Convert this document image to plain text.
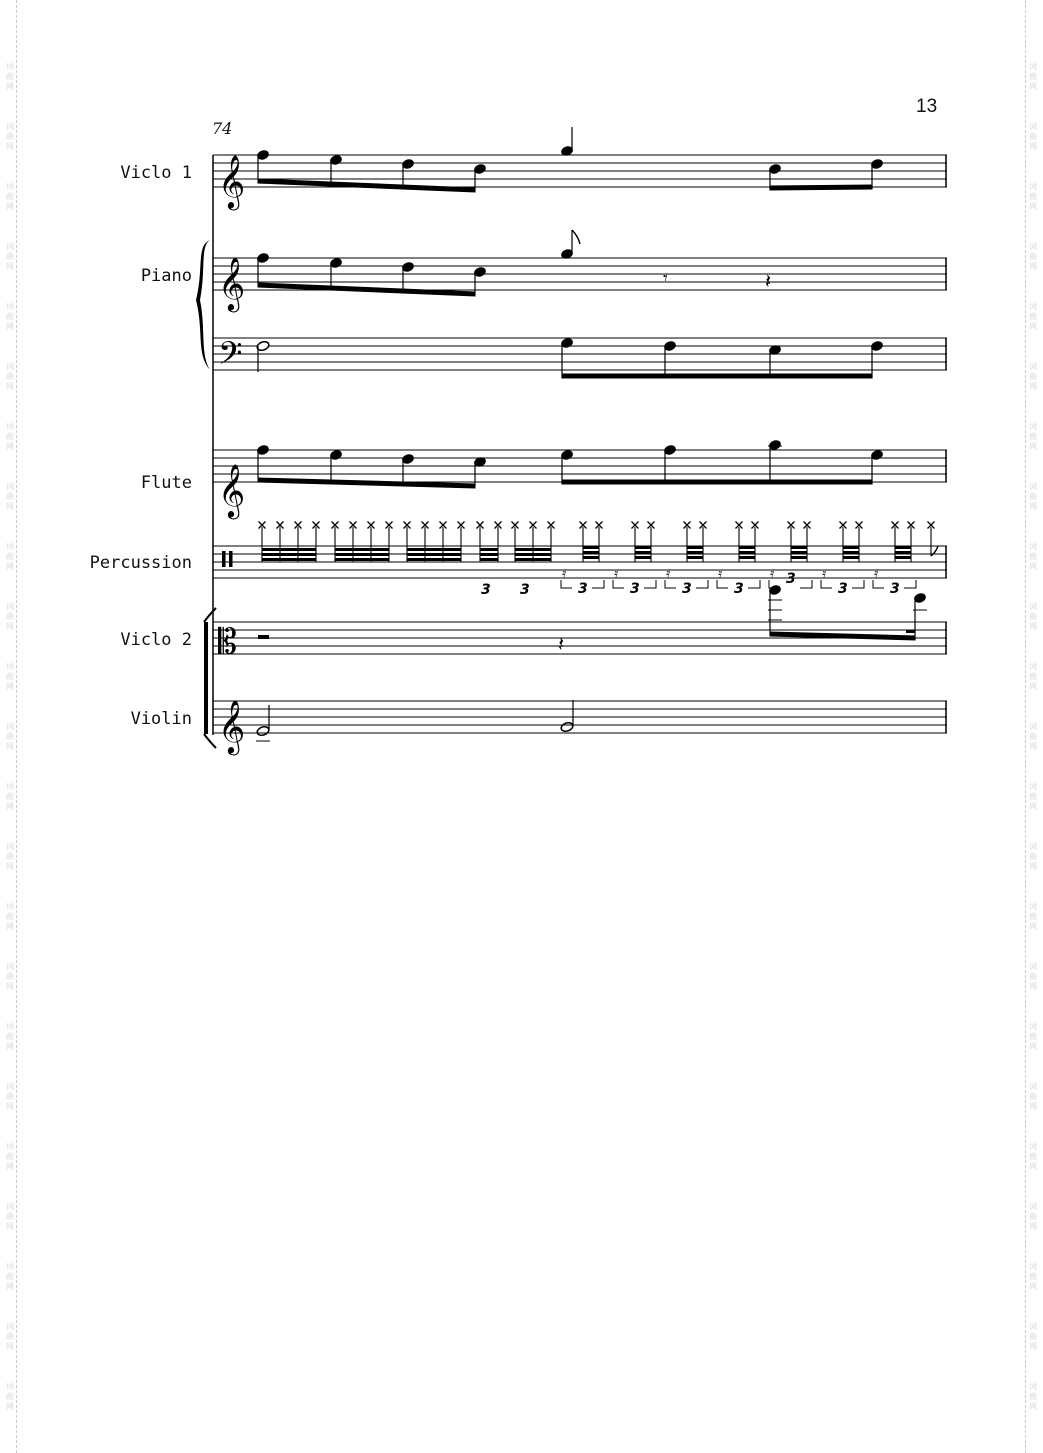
词
曲
网
词
曲
网
词
曲
网
词
曲
网
词
曲
网
词
曲
网
词
曲
网
词
曲
网
词
曲
网
词
曲
网
词
曲
网
词
曲
网
词
曲
网
词
曲
网
词
曲
网
词
曲
网
词
曲
网
词
曲
网
词
曲
网
词
曲
网
词
曲
网
词
曲
网
词
曲
网
词
曲
网
词
曲
网
词
曲
网
词
曲
网
词
曲
网
词
曲
网
词
曲
网
词
曲
网
词
曲
网
词
曲
网
词
曲
网
词
曲
网
词
曲
网
词
曲
网
词
曲
网
词
曲
网
词
曲
网
词
曲
网
词
曲
网
词
曲
网
词
曲
网
词
曲
网
词
曲
网
13
74
Viclo 1
Piano
Flute
Percussion
Viclo 2
Violin
𝄞
𝄞
𝄢
𝄞
𝄡
𝄞
𝄾	𝄽
𝄿	𝄿	𝄿	𝄿	𝄿	𝄿	𝄿
𝄽
3 3	3	3	3	3
3
3	3
